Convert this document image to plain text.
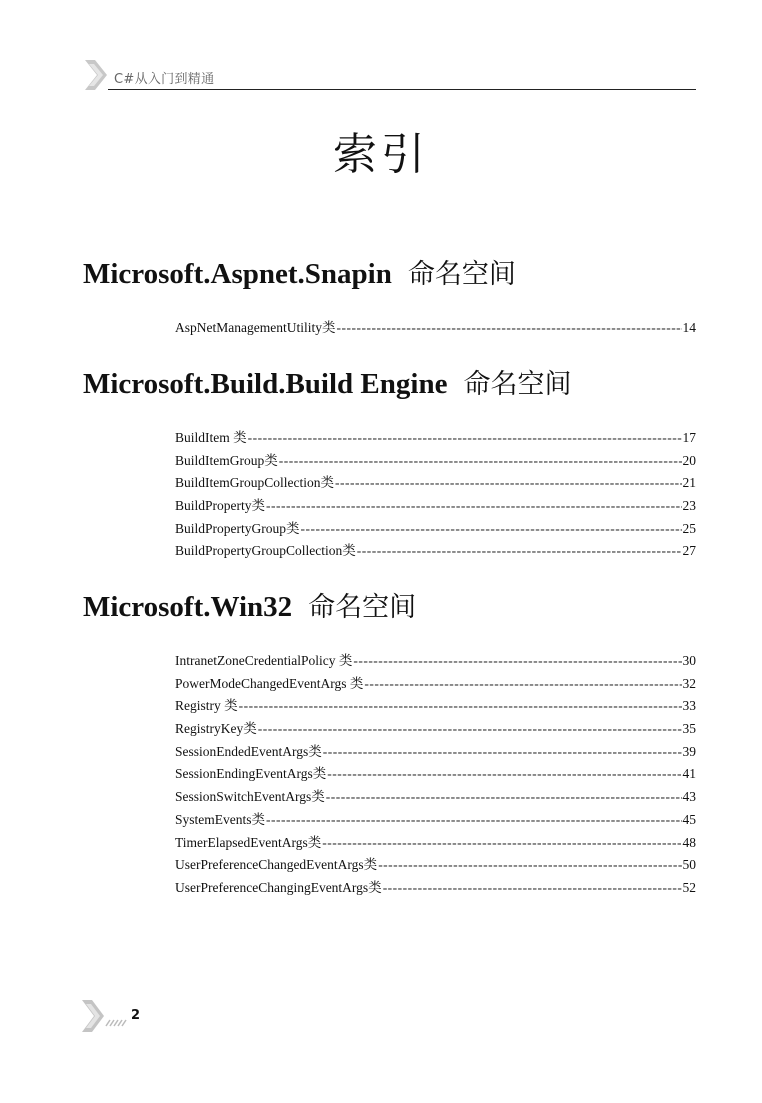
C#从入门到精通
索引
Microsoft.Aspnet.Snapin 命名空间
AspNetManagementUtility类 -----	14
Microsoft.Build.Build Engine 命名空间
BuildItem 类 -----	17
BuildItemGroup类 -----	20
BuildItemGroupCollection类 -----	21
BuildProperty类 -----	23
BuildPropertyGroup类 -----	25
BuildPropertyGroupCollection类 -----	27
Microsoft.Win32 命名空间
IntranetZoneCredentialPolicy 类 -----	30
PowerModeChangedEventArgs 类 -----	32
Registry 类 -----	33
RegistryKey类 -----	35
SessionEndedEventArgs类 -----	39
SessionEndingEventArgs类 -----	41
SessionSwitchEventArgs类 -----	43
SystemEvents类 -----	45
TimerElapsedEventArgs类 -----	48
UserPreferenceChangedEventArgs类 -----	50
UserPreferenceChangingEventArgs类 -----	52
2
